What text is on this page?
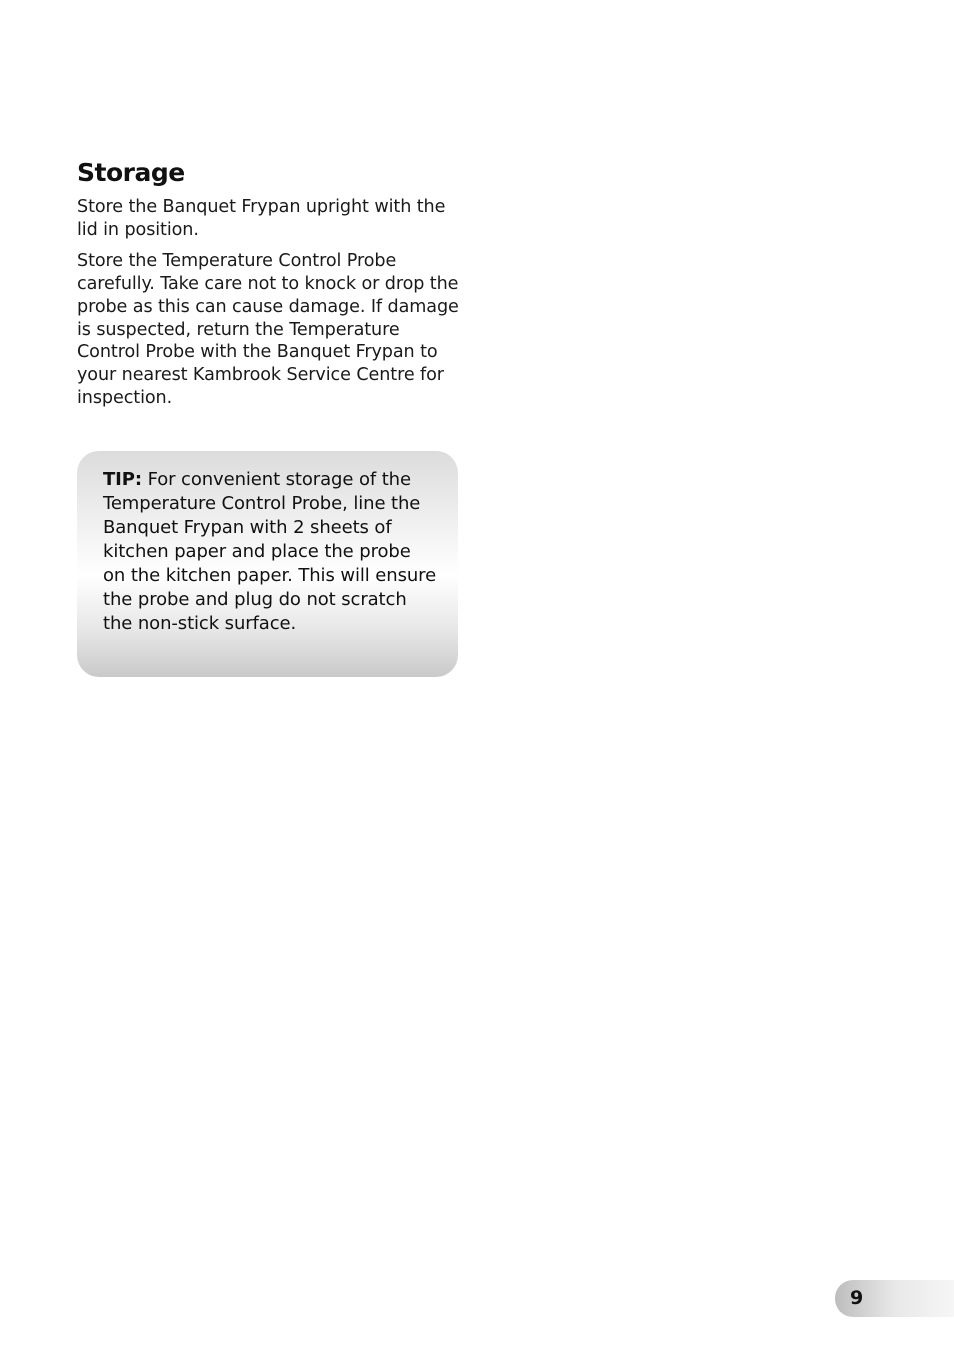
Storage

Store the Banquet Frypan upright with the lid in position.

Store the Temperature Control Probe carefully. Take care not to knock or drop the probe as this can cause damage. If damage is suspected, return the Temperature Control Probe with the Banquet Frypan to your nearest Kambrook Service Centre for inspection.

TIP: For convenient storage of the Temperature Control Probe, line the Banquet Frypan with 2 sheets of kitchen paper and place the probe on the kitchen paper. This will ensure the probe and plug do not scratch the non-stick surface.

9
